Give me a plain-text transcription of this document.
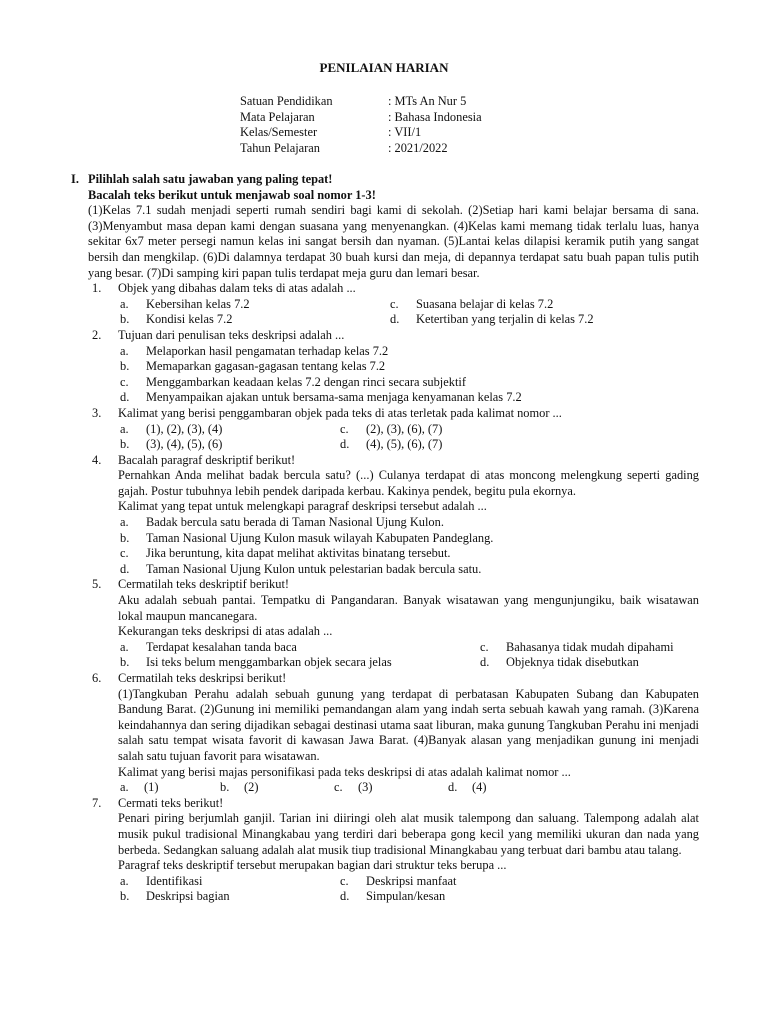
PENILAIAN HARIAN
Satuan Pendidikan	: MTs An Nur 5
Mata Pelajaran	: Bahasa Indonesia
Kelas/Semester	: VII/1
Tahun Pelajaran	: 2021/2022
I. Pilihlah salah satu jawaban yang paling tepat!
Bacalah teks berikut untuk menjawab soal nomor 1-3!
(1)Kelas 7.1 sudah menjadi seperti rumah sendiri bagi kami di sekolah. (2)Setiap hari kami belajar bersama di sana. (3)Menyambut masa depan kami dengan suasana yang menyenangkan. (4)Kelas kami memang tidak terlalu luas, hanya sekitar 6x7 meter persegi namun kelas ini sangat bersih dan nyaman. (5)Lantai kelas dilapisi keramik putih yang sangat bersih dan mengkilap. (6)Di dalamnya terdapat 30 buah kursi dan meja, di depannya terdapat satu buah papan tulis putih yang besar. (7)Di samping kiri papan tulis terdapat meja guru dan lemari besar.
1. Objek yang dibahas dalam teks di atas adalah ...
a. Kebersihan kelas 7.2	c. Suasana belajar di kelas 7.2
b. Kondisi kelas 7.2	d. Ketertiban yang terjalin di kelas 7.2
2. Tujuan dari penulisan teks deskripsi adalah ...
a. Melaporkan hasil pengamatan terhadap kelas 7.2
b. Memaparkan gagasan-gagasan tentang kelas 7.2
c. Menggambarkan keadaan kelas 7.2 dengan rinci secara subjektif
d. Menyampaikan ajakan untuk bersama-sama menjaga kenyamanan kelas 7.2
3. Kalimat yang berisi penggambaran objek pada teks di atas terletak pada kalimat nomor ...
a. (1), (2), (3), (4)	c. (2), (3), (6), (7)
b. (3), (4), (5), (6)	d. (4), (5), (6), (7)
4. Bacalah paragraf deskriptif berikut!
Pernahkan Anda melihat badak bercula satu? (...) Culanya terdapat di atas moncong melengkung seperti gading gajah. Postur tubuhnya lebih pendek daripada kerbau. Kakinya pendek, begitu pula ekornya.
Kalimat yang tepat untuk melengkapi paragraf deskripsi tersebut adalah ...
a. Badak bercula satu berada di Taman Nasional Ujung Kulon.
b. Taman Nasional Ujung Kulon masuk wilayah Kabupaten Pandeglang.
c. Jika beruntung, kita dapat melihat aktivitas binatang tersebut.
d. Taman Nasional Ujung Kulon untuk pelestarian badak bercula satu.
5. Cermatilah teks deskriptif berikut!
Aku adalah sebuah pantai. Tempatku di Pangandaran. Banyak wisatawan yang mengunjungiku, baik wisatawan lokal maupun mancanegara.
Kekurangan teks deskripsi di atas adalah ...
a. Terdapat kesalahan tanda baca	c. Bahasanya tidak mudah dipahami
b. Isi teks belum menggambarkan objek secara jelas	d. Objeknya tidak disebutkan
6. Cermatilah teks deskripsi berikut!
(1)Tangkuban Perahu adalah sebuah gunung yang terdapat di perbatasan Kabupaten Subang dan Kabupaten Bandung Barat. (2)Gunung ini memiliki pemandangan alam yang indah serta sebuah kawah yang ramah. (3)Karena keindahannya dan sering dijadikan sebagai destinasi utama saat liburan, maka gunung Tangkuban Perahu ini menjadi salah satu tempat wisata favorit di kawasan Jawa Barat. (4)Banyak alasan yang menjadikan gunung ini menjadi salah satu tujuan favorit para wisatawan.
Kalimat yang berisi majas personifikasi pada teks deskripsi di atas adalah kalimat nomor ...
a. (1)	b. (2)	c. (3)	d. (4)
7. Cermati teks berikut!
Penari piring berjumlah ganjil. Tarian ini diiringi oleh alat musik talempong dan saluang. Talempong adalah alat musik pukul tradisional Minangkabau yang terdiri dari beberapa gong kecil yang memiliki ukuran dan nada yang berbeda. Sedangkan saluang adalah alat musik tiup tradisional Minangkabau yang terbuat dari bambu atau talang.
Paragraf teks deskriptif tersebut merupakan bagian dari struktur teks berupa ...
a. Identifikasi	c. Deskripsi manfaat
b. Deskripsi bagian	d. Simpulan/kesan
